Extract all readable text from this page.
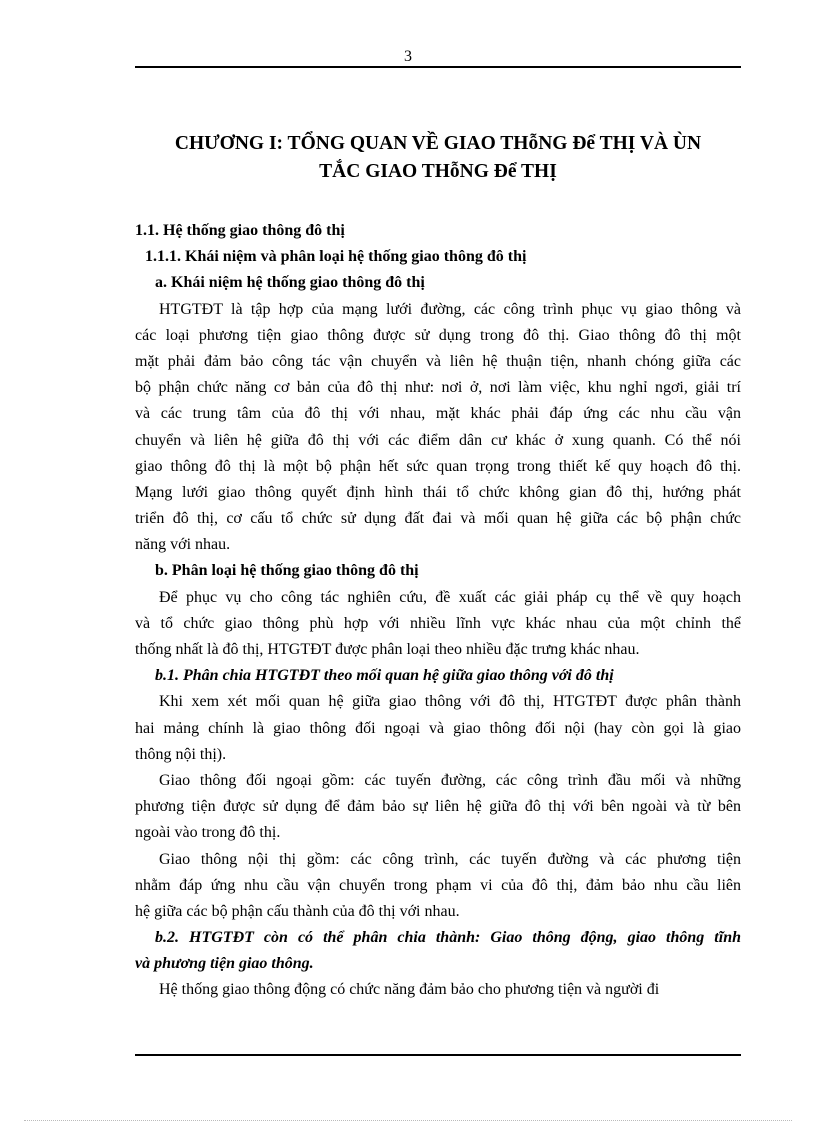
3
CHƯƠNG I: TỔNG QUAN VỀ GIAO THỗNG Để THỊ VÀ ÙN
TẮC GIAO THỗNG Để THỊ
1.1. Hệ thống giao thông đô thị
1.1.1. Khái niệm và phân loại hệ thống giao thông đô thị
a. Khái niệm hệ thống giao thông đô thị
HTGTĐT là tập hợp của mạng lưới đường, các công trình phục vụ giao thông và
các loại phương tiện giao thông được sử dụng trong đô thị. Giao thông đô thị một
mặt phải đảm bảo công tác vận chuyển và liên hệ thuận tiện, nhanh chóng giữa các
bộ phận chức năng cơ bản của đô thị như: nơi ở, nơi làm việc, khu nghỉ ngơi, giải trí
và các trung tâm của đô thị với nhau, mặt khác phải đáp ứng các nhu cầu vận
chuyển và liên hệ giữa đô thị với các điểm dân cư khác ở xung quanh. Có thể nói
giao thông đô thị là một bộ phận hết sức quan trọng trong thiết kế quy hoạch đô thị.
Mạng lưới giao thông quyết định hình thái tổ chức không gian đô thị, hướng phát
triển đô thị, cơ cấu tổ chức sử dụng đất đai và mối quan hệ giữa các bộ phận chức
năng với nhau.
b. Phân loại hệ thống giao thông đô thị
Để phục vụ cho công tác nghiên cứu, đề xuất các giải pháp cụ thể về quy hoạch
và tổ chức giao thông phù hợp với nhiều lĩnh vực khác nhau của một chỉnh thể
thống nhất là đô thị, HTGTĐT được phân loại theo nhiều đặc trưng khác nhau.
b.1. Phân chia HTGTĐT theo mối quan hệ giữa giao thông với đô thị
Khi xem xét mối quan hệ giữa giao thông với đô thị, HTGTĐT được phân thành
hai mảng chính là giao thông đối ngoại và giao thông đối nội (hay còn gọi là giao
thông nội thị).
Giao thông đối ngoại gồm: các tuyến đường, các công trình đầu mối và những
phương tiện được sử dụng để đảm bảo sự liên hệ giữa đô thị với bên ngoài và từ bên
ngoài vào trong đô thị.
Giao thông nội thị gồm: các công trình, các tuyến đường và các phương tiện
nhằm đáp ứng nhu cầu vận chuyển trong phạm vi của đô thị, đảm bảo nhu cầu liên
hệ giữa các bộ phận cấu thành của đô thị với nhau.
b.2. HTGTĐT còn có thể phân chia thành: Giao thông động, giao thông tĩnh
và phương tiện giao thông.
Hệ thống giao thông động có chức năng đảm bảo cho phương tiện và người đi
